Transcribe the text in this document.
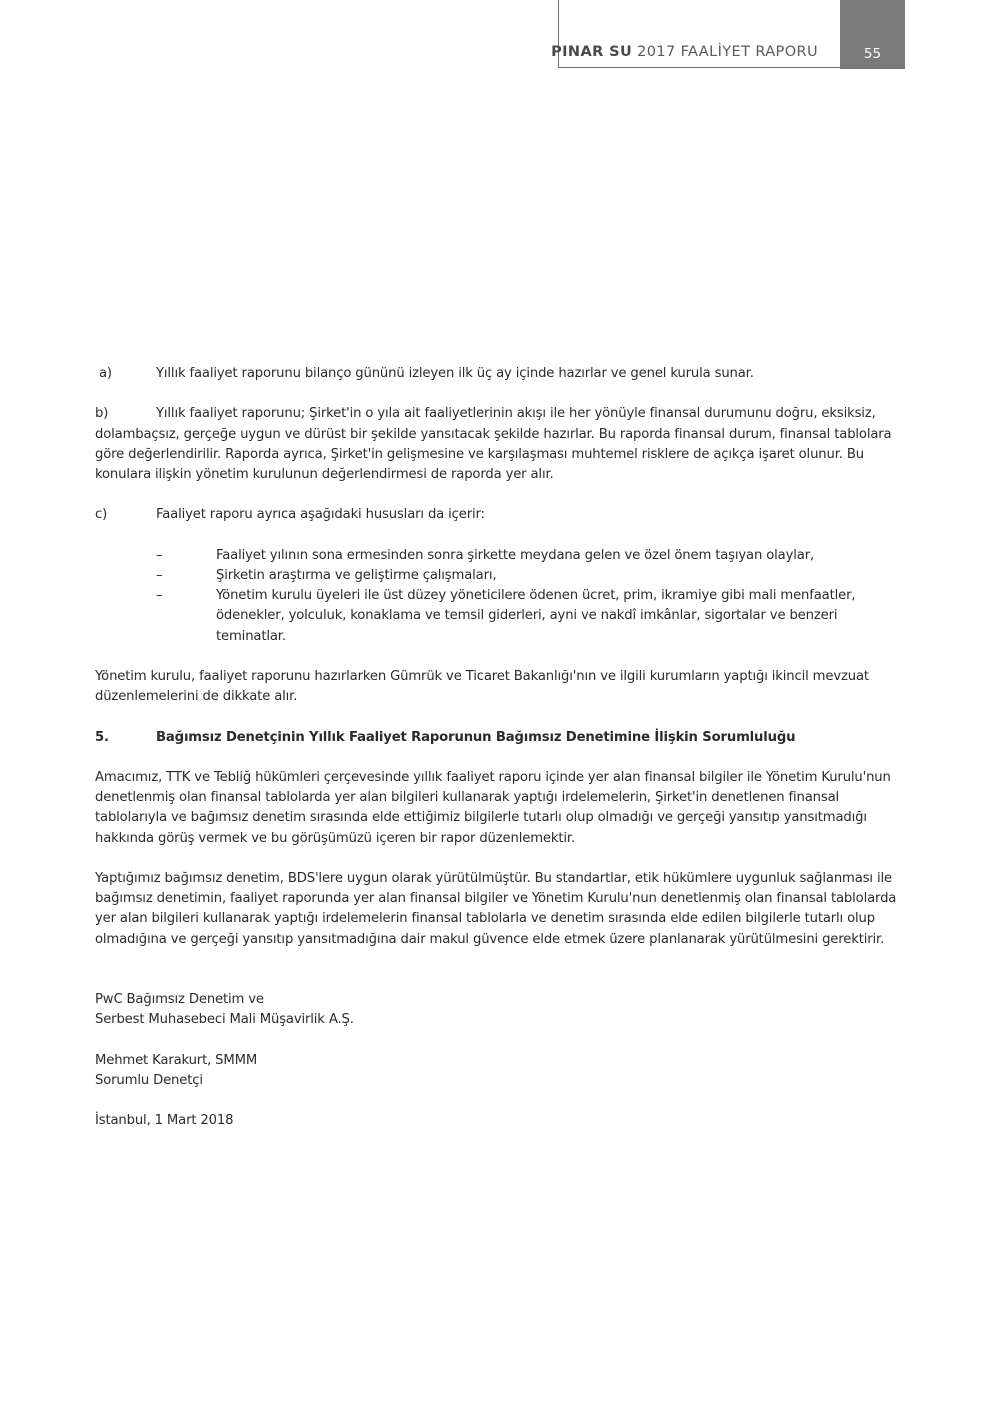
PINAR SU 2017 FAALİYET RAPORU	55

a)	Yıllık faaliyet raporunu bilanço gününü izleyen ilk üç ay içinde hazırlar ve genel kurula sunar.

b)	Yıllık faaliyet raporunu; Şirket'in o yıla ait faaliyetlerinin akışı ile her yönüyle finansal durumunu doğru, eksiksiz, dolambaçsız, gerçeğe uygun ve dürüst bir şekilde yansıtacak şekilde hazırlar. Bu raporda finansal durum, finansal tablolara göre değerlendirilir. Raporda ayrıca, Şirket'in gelişmesine ve karşılaşması muhtemel risklere de açıkça işaret olunur. Bu konulara ilişkin yönetim kurulunun değerlendirmesi de raporda yer alır.

c)	Faaliyet raporu ayrıca aşağıdaki hususları da içerir:

–	Faaliyet yılının sona ermesinden sonra şirkette meydana gelen ve özel önem taşıyan olaylar,
–	Şirketin araştırma ve geliştirme çalışmaları,
–	Yönetim kurulu üyeleri ile üst düzey yöneticilere ödenen ücret, prim, ikramiye gibi mali menfaatler, ödenekler, yolculuk, konaklama ve temsil giderleri, ayni ve nakdî imkânlar, sigortalar ve benzeri teminatlar.

Yönetim kurulu, faaliyet raporunu hazırlarken Gümrük ve Ticaret Bakanlığı'nın ve ilgili kurumların yaptığı ikincil mevzuat düzenlemelerini de dikkate alır.

5.	Bağımsız Denetçinin Yıllık Faaliyet Raporunun Bağımsız Denetimine İlişkin Sorumluluğu

Amacımız, TTK ve Tebliğ hükümleri çerçevesinde yıllık faaliyet raporu içinde yer alan finansal bilgiler ile Yönetim Kurulu'nun denetlenmiş olan finansal tablolarda yer alan bilgileri kullanarak yaptığı irdelemelerin, Şirket'in denetlenen finansal tablolarıyla ve bağımsız denetim sırasında elde ettiğimiz bilgilerle tutarlı olup olmadığı ve gerçeği yansıtıp yansıtmadığı hakkında görüş vermek ve bu görüşümüzü içeren bir rapor düzenlemektir.

Yaptığımız bağımsız denetim, BDS'lere uygun olarak yürütülmüştür. Bu standartlar, etik hükümlere uygunluk sağlanması ile bağımsız denetimin, faaliyet raporunda yer alan finansal bilgiler ve Yönetim Kurulu'nun denetlenmiş olan finansal tablolarda yer alan bilgileri kullanarak yaptığı irdelemelerin finansal tablolarla ve denetim sırasında elde edilen bilgilerle tutarlı olup olmadığına ve gerçeği yansıtıp yansıtmadığına dair makul güvence elde etmek üzere planlanarak yürütülmesini gerektirir.

PwC Bağımsız Denetim ve
Serbest Muhasebeci Mali Müşavirlik A.Ş.
Mehmet Karakurt, SMMM
Sorumlu Denetçi
İstanbul, 1 Mart 2018
